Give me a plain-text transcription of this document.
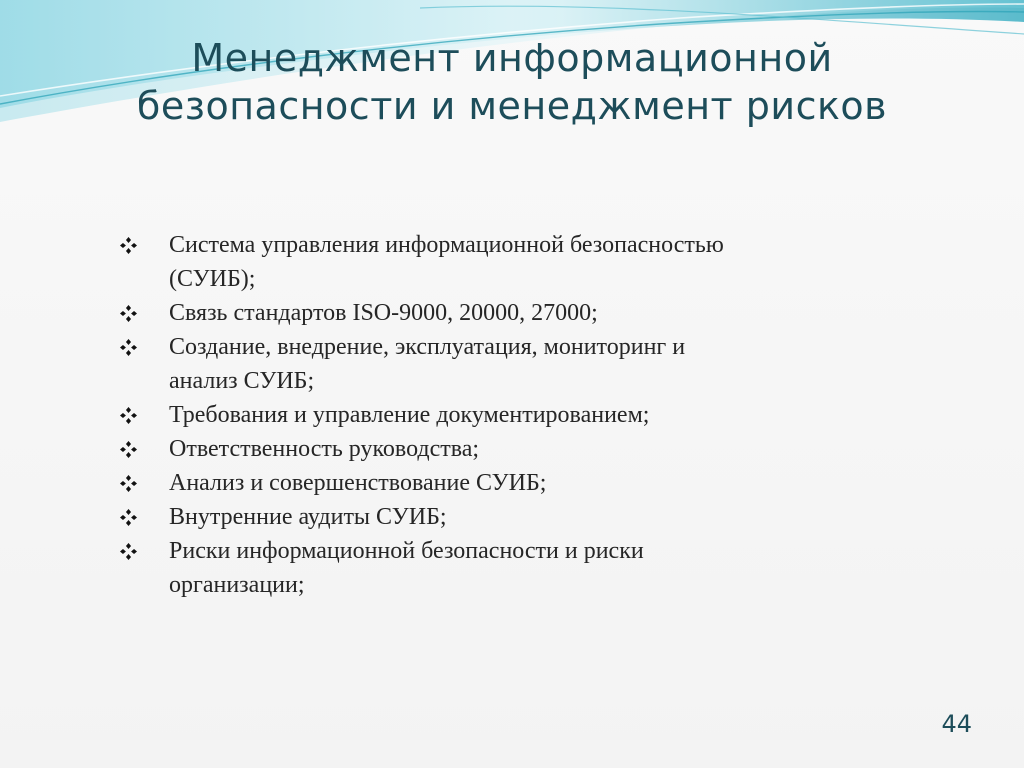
Менеджмент информационной
безопасности и менеджмент рисков
Система управления информационной безопасностью
(СУИБ);
Связь стандартов ISO-9000, 20000, 27000;
Создание, внедрение, эксплуатация, мониторинг и
анализ СУИБ;
Требования и управление документированием;
Ответственность руководства;
Анализ и совершенствование СУИБ;
Внутренние аудиты СУИБ;
Риски информационной безопасности и риски
организации;
44
